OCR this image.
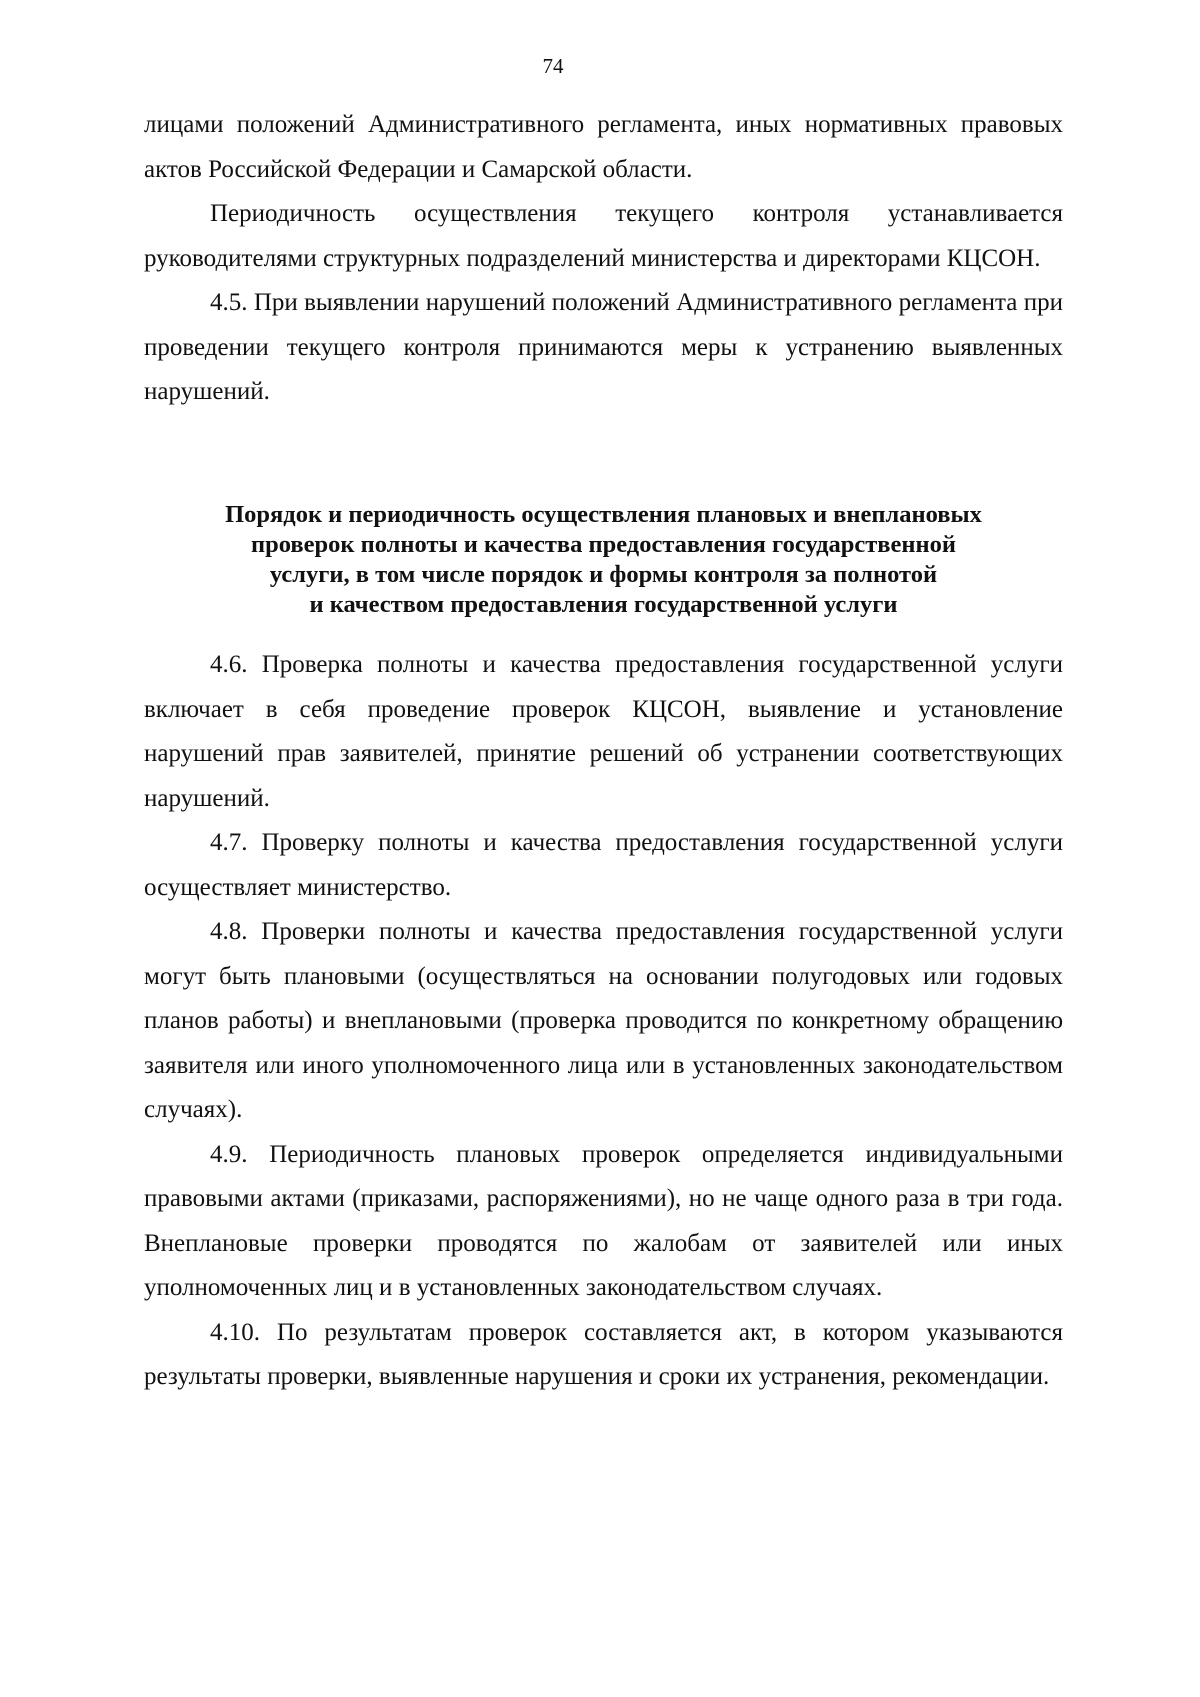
74

лицами положений Административного регламента, иных нормативных правовых актов Российской Федерации и Самарской области.

Периодичность осуществления текущего контроля устанавливается руководителями структурных подразделений министерства и директорами КЦСОН.

4.5. При выявлении нарушений положений Административного регламента при проведении текущего контроля принимаются меры к устранению выявленных нарушений.

Порядок и периодичность осуществления плановых и внеплановых
проверок полноты и качества предоставления государственной
услуги, в том числе порядок и формы контроля за полнотой
и качеством предоставления государственной услуги

4.6. Проверка полноты и качества предоставления государственной услуги включает в себя проведение проверок КЦСОН, выявление и установление нарушений прав заявителей, принятие решений об устранении соответствующих нарушений.

4.7. Проверку полноты и качества предоставления государственной услуги осуществляет министерство.

4.8. Проверки полноты и качества предоставления государственной услуги могут быть плановыми (осуществляться на основании полугодовых или годовых планов работы) и внеплановыми (проверка проводится по конкретному обращению заявителя или иного уполномоченного лица или в установленных законодательством случаях).

4.9. Периодичность плановых проверок определяется индивидуальными правовыми актами (приказами, распоряжениями), но не чаще одного раза в три года. Внеплановые проверки проводятся по жалобам от заявителей или иных уполномоченных лиц и в установленных законодательством случаях.

4.10. По результатам проверок составляется акт, в котором указываются результаты проверки, выявленные нарушения и сроки их устранения, рекомендации.
